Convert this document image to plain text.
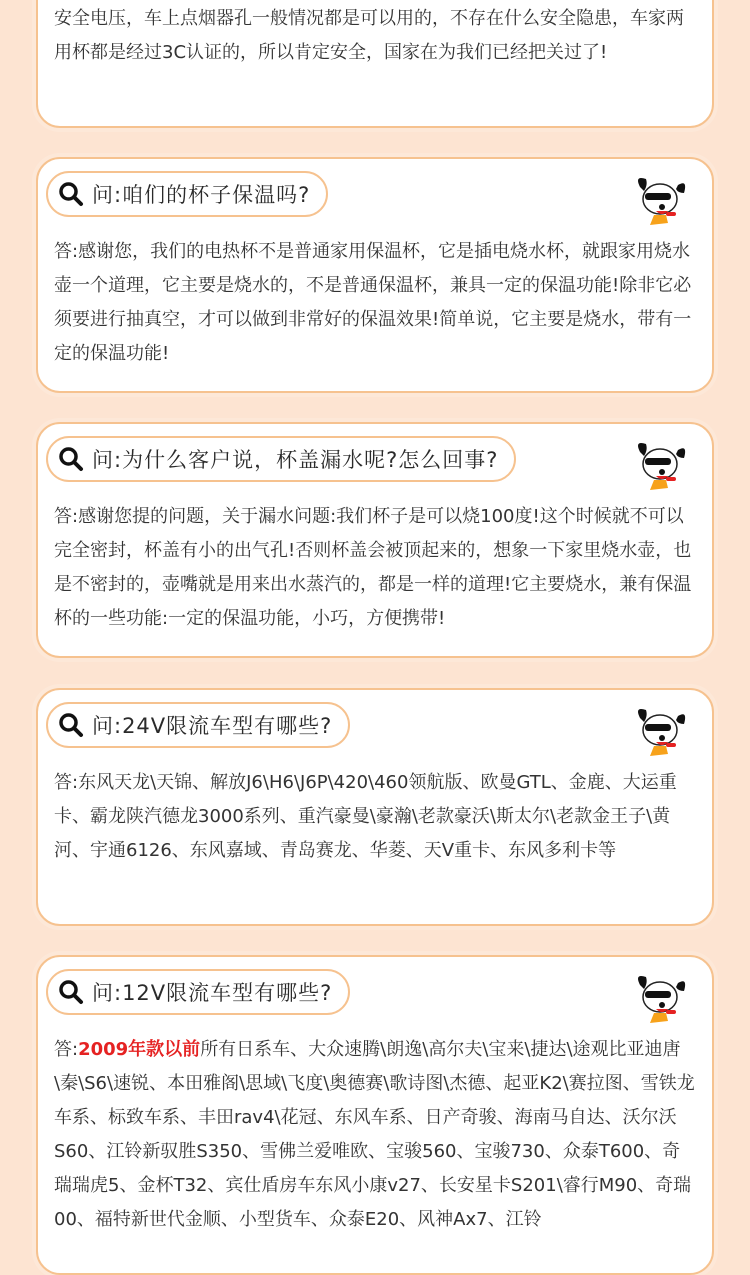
安全电压，车上点烟器孔一般情况都是可以用的，不存在什么安全隐患，车家两用杯都是经过3C认证的，所以肯定安全，国家在为我们已经把关过了!

问:咱们的杯子保温吗?

答:感谢您，我们的电热杯不是普通家用保温杯，它是插电烧水杯，就跟家用烧水壶一个道理，它主要是烧水的，不是普通保温杯，兼具一定的保温功能!除非它必须要进行抽真空，才可以做到非常好的保温效果!简单说，它主要是烧水，带有一定的保温功能!

问:为什么客户说，杯盖漏水呢?怎么回事?

答:感谢您提的问题，关于漏水问题:我们杯子是可以烧100度!这个时候就不可以完全密封，杯盖有小的出气孔!否则杯盖会被顶起来的，想象一下家里烧水壶，也是不密封的，壶嘴就是用来出水蒸汽的，都是一样的道理!它主要烧水，兼有保温杯的一些功能:一定的保温功能，小巧，方便携带!

问:24V限流车型有哪些?

答:东风天龙\天锦、解放J6\H6\J6P\420\460领航版、欧曼GTL、金鹿、大运重卡、霸龙陕汽德龙3000系列、重汽豪曼\豪瀚\老款豪沃\斯太尔\老款金王子\黄河、宇通6126、东风嘉域、青岛赛龙、华菱、天V重卡、东风多利卡等

问:12V限流车型有哪些?

答:2009年款以前所有日系车、大众速腾\朗逸\高尔夫\宝来\捷达\途观比亚迪唐\秦\S6\速锐、本田雅阁\思域\飞度\奥德赛\歌诗图\杰德、起亚K2\赛拉图、雪铁龙车系、标致车系、丰田rav4\花冠、东风车系、日产奇骏、海南马自达、沃尔沃S60、江铃新驭胜S350、雪佛兰爱唯欧、宝骏560、宝骏730、众泰T600、奇瑞瑞虎5、金杯T32、宾仕盾房车东风小康v27、长安星卡S201\睿行M90、奇瑞00、福特新世代金顺、小型货车、众泰E20、风神Ax7、江铃
